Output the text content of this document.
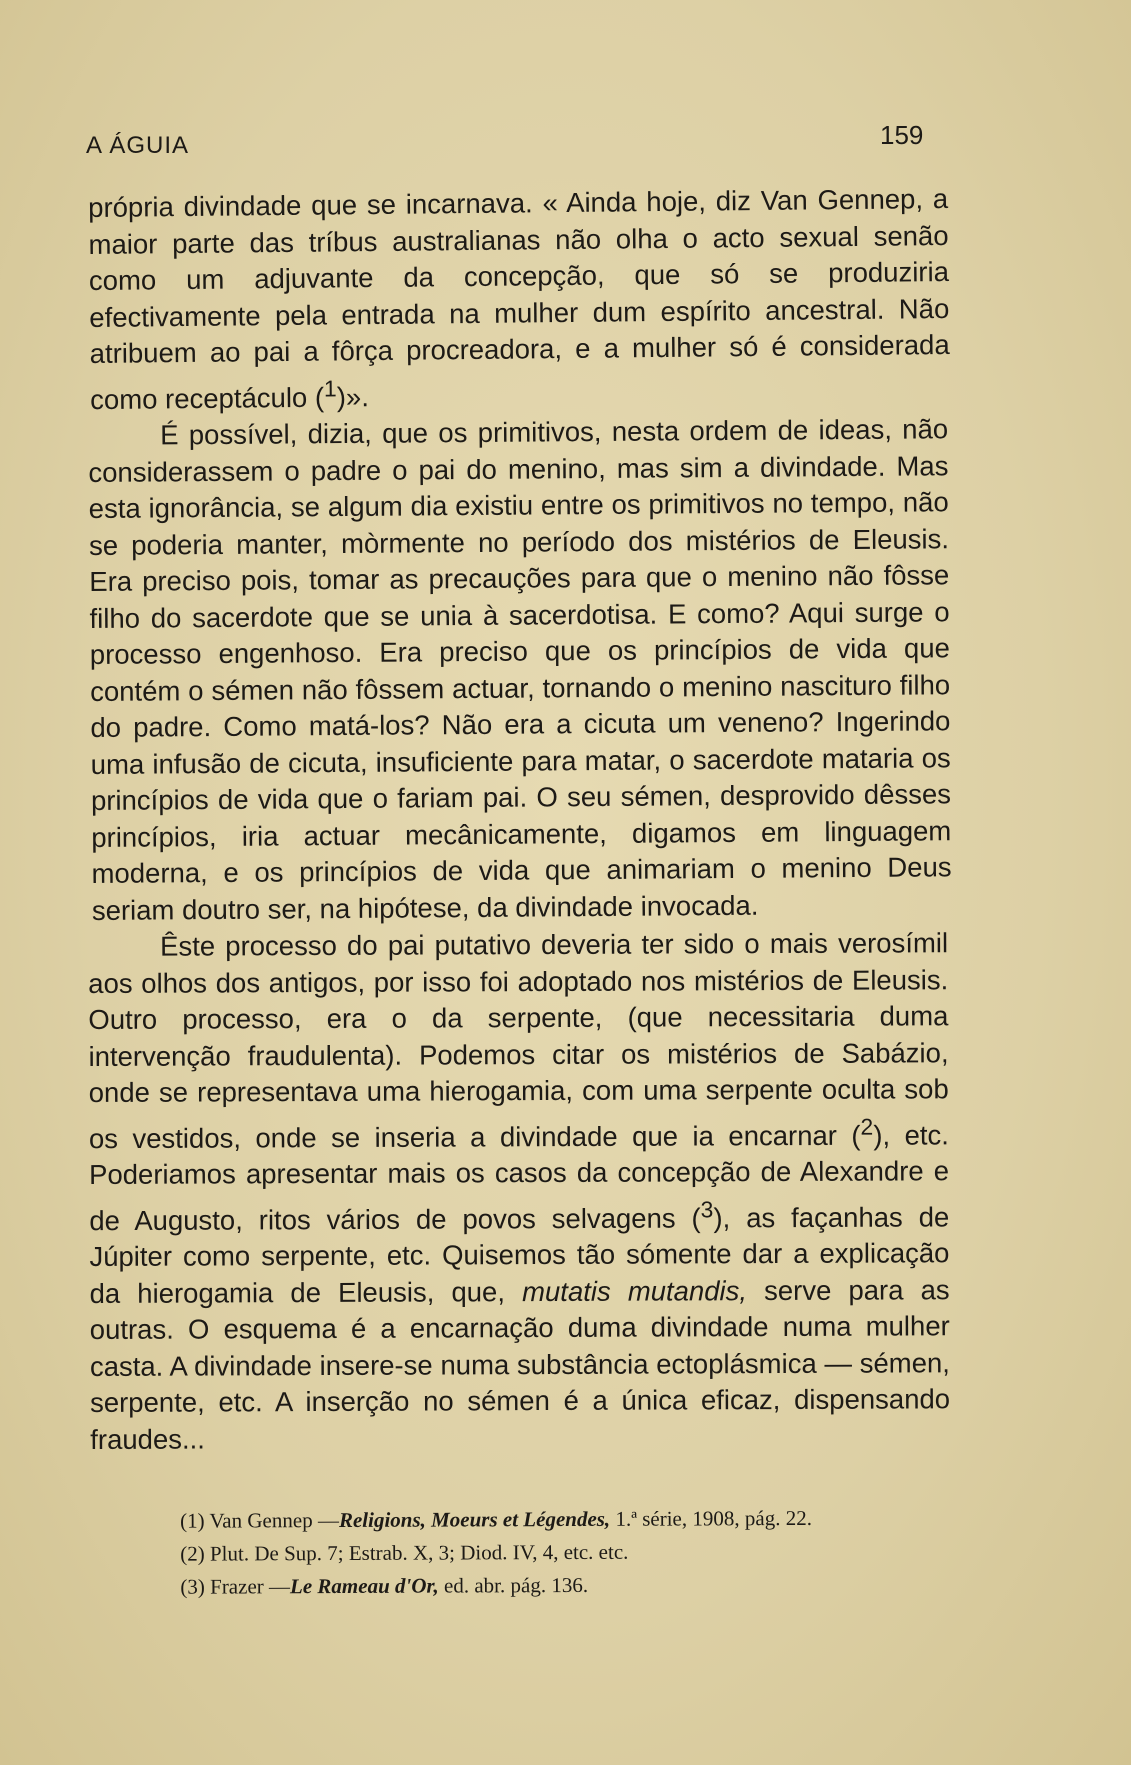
A ÁGUIA	159

própria divindade que se incarnava. « Ainda hoje, diz Van Gennep, a maior parte das tríbus australianas não olha o acto sexual senão como um adjuvante da concepção, que só se produziria efectivamente pela entrada na mulher dum espírito ancestral. Não atribuem ao pai a fôrça procreadora, e a mulher só é considerada como receptáculo ($^1$)».

É possível, dizia, que os primitivos, nesta ordem de ideas, não considerassem o padre o pai do menino, mas sim a divindade. Mas esta ignorância, se algum dia existiu entre os primitivos no tempo, não se poderia manter, mòrmente no período dos mistérios de Eleusis. Era preciso pois, tomar as precauções para que o menino não fôsse filho do sacerdote que se unia à sacerdotisa. E como? Aqui surge o processo engenhoso. Era preciso que os princípios de vida que contém o sémen não fôssem actuar, tornando o menino nascituro filho do padre. Como matá-los? Não era a cicuta um veneno? Ingerindo uma infusão de cicuta, insuficiente para matar, o sacerdote mataria os princípios de vida que o fariam pai. O seu sémen, desprovido dêsses princípios, iria actuar mecânicamente, digamos em linguagem moderna, e os princípios de vida que animariam o menino Deus seriam doutro ser, na hipótese, da divindade invocada.

Êste processo do pai putativo deveria ter sido o mais verosímil aos olhos dos antigos, por isso foi adoptado nos mistérios de Eleusis. Outro processo, era o da serpente, (que necessitaria duma intervenção fraudulenta). Podemos citar os mistérios de Sabázio, onde se representava uma hierogamia, com uma serpente oculta sob os vestidos, onde se inseria a divindade que ia encarnar ($^2$), etc. Poderiamos apresentar mais os casos da concepção de Alexandre e de Augusto, ritos vários de povos selvagens ($^3$), as façanhas de Júpiter como serpente, etc. Quisemos tão sómente dar a explicação da hierogamia de Eleusis, que, mutatis mutandis, serve para as outras. O esquema é a encarnação duma divindade numa mulher casta. A divindade insere-se numa substância ectoplásmica — sémen, serpente, etc. A inserção no sémen é a única eficaz, dispensando fraudes...

(1) Van Gennep —Religions, Moeurs et Légendes, 1.ª série, 1908, pág. 22.

(2) Plut. De Sup. 7; Estrab. X, 3; Diod. IV, 4, etc. etc.

(3) Frazer —Le Rameau d'Or, ed. abr. pág. 136.
